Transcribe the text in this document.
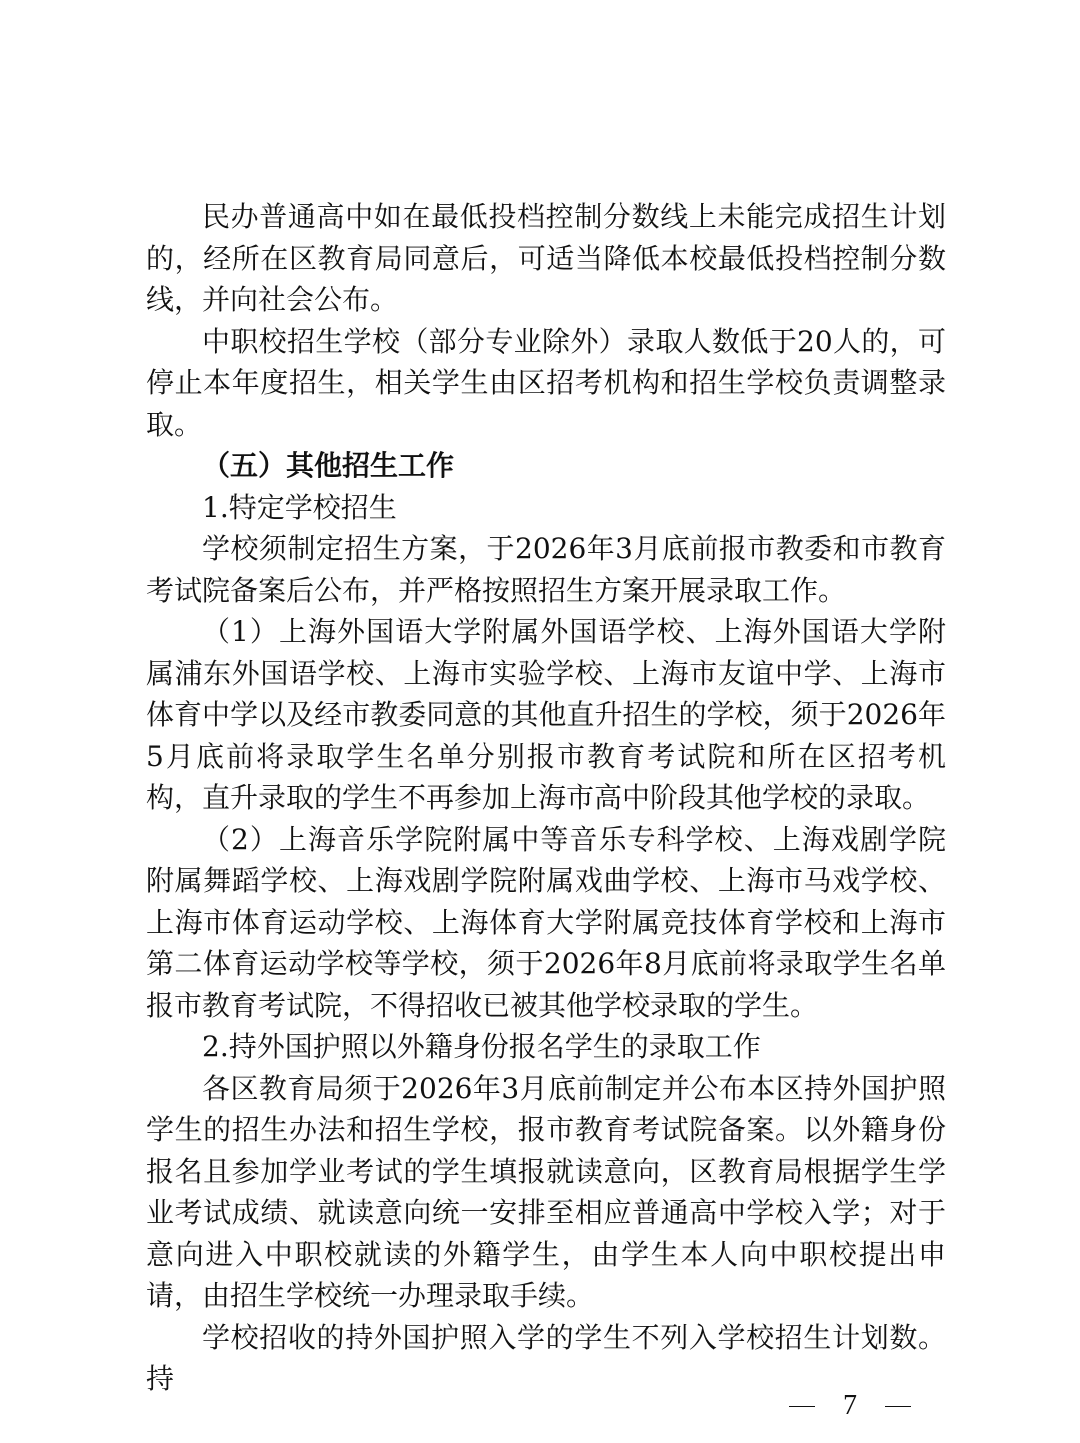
民办普通高中如在最低投档控制分数线上未能完成招生计划的，经所在区教育局同意后，可适当降低本校最低投档控制分数线，并向社会公布。

中职校招生学校（部分专业除外）录取人数低于20人的，可停止本年度招生，相关学生由区招考机构和招生学校负责调整录取。

（五）其他招生工作

1.特定学校招生

学校须制定招生方案，于2026年3月底前报市教委和市教育考试院备案后公布，并严格按照招生方案开展录取工作。

（1）上海外国语大学附属外国语学校、上海外国语大学附属浦东外国语学校、上海市实验学校、上海市友谊中学、上海市体育中学以及经市教委同意的其他直升招生的学校，须于2026年5月底前将录取学生名单分别报市教育考试院和所在区招考机构，直升录取的学生不再参加上海市高中阶段其他学校的录取。

（2）上海音乐学院附属中等音乐专科学校、上海戏剧学院附属舞蹈学校、上海戏剧学院附属戏曲学校、上海市马戏学校、上海市体育运动学校、上海体育大学附属竞技体育学校和上海市第二体育运动学校等学校，须于2026年8月底前将录取学生名单报市教育考试院，不得招收已被其他学校录取的学生。

2.持外国护照以外籍身份报名学生的录取工作

各区教育局须于2026年3月底前制定并公布本区持外国护照学生的招生办法和招生学校，报市教育考试院备案。以外籍身份报名且参加学业考试的学生填报就读意向，区教育局根据学生学业考试成绩、就读意向统一安排至相应普通高中学校入学；对于意向进入中职校就读的外籍学生，由学生本人向中职校提出申请，由招生学校统一办理录取手续。

学校招收的持外国护照入学的学生不列入学校招生计划数。持

7
